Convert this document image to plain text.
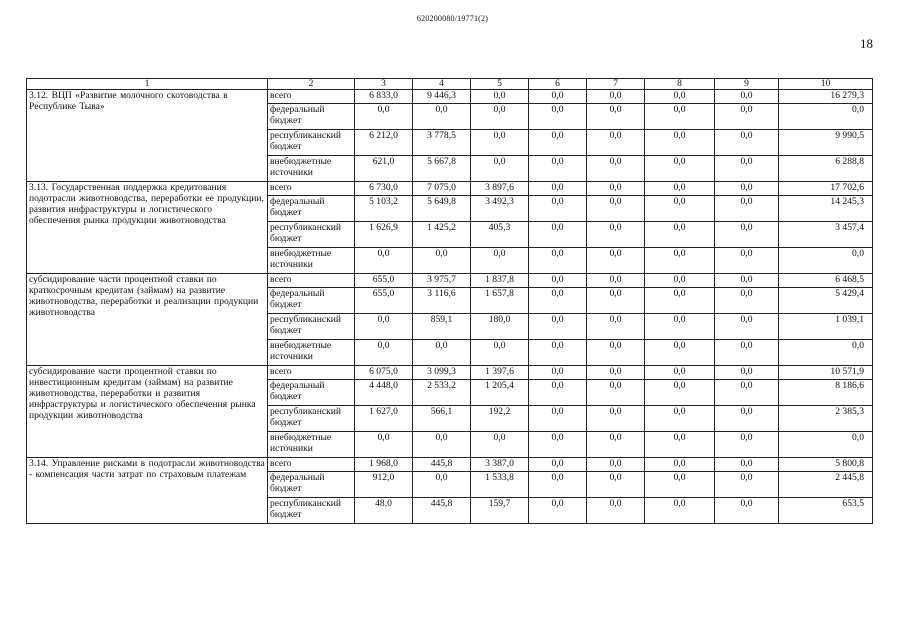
620200080/19771(2)
18
1	2	3	4	5	6	7	8	9	10
3.12. ВЦП «Развитие молочного скотоводства в Республике Тыва»	всего	6 833,0	9 446,3	0,0	0,0	0,0	0,0	0,0	16 279,3
	федеральный бюджет	0,0	0,0	0,0	0,0	0,0	0,0	0,0	0,0
	республиканский бюджет	6 212,0	3 778,5	0,0	0,0	0,0	0,0	0,0	9 990,5
	внебюджетные источники	621,0	5 667,8	0,0	0,0	0,0	0,0	0,0	6 288,8
3.13. Государственная поддержка кредитования подотрасли животноводства, переработки ее продукции, развития инфраструктуры и логистического обеспечения рынка продукции животноводства	всего	6 730,0	7 075,0	3 897,6	0,0	0,0	0,0	0,0	17 702,6
	федеральный бюджет	5 103,2	5 649,8	3 492,3	0,0	0,0	0,0	0,0	14 245,3
	республиканский бюджет	1 626,9	1 425,2	405,3	0,0	0,0	0,0	0,0	3 457,4
	внебюджетные источники	0,0	0,0	0,0	0,0	0,0	0,0	0,0	0,0
субсидирование части процентной ставки по краткосрочным кредитам (займам) на развитие животноводства, переработки и реализации продукции животноводства	всего	655,0	3 975,7	1 837,8	0,0	0,0	0,0	0,0	6 468,5
	федеральный бюджет	655,0	3 116,6	1 657,8	0,0	0,0	0,0	0,0	5 429,4
	республиканский бюджет	0,0	859,1	180,0	0,0	0,0	0,0	0,0	1 039,1
	внебюджетные источники	0,0	0,0	0,0	0,0	0,0	0,0	0,0	0,0
субсидирование части процентной ставки по инвестиционным кредитам (займам) на развитие животноводства, переработки и развития инфраструктуры и логистического обеспечения рынка продукции животноводства	всего	6 075,0	3 099,3	1 397,6	0,0	0,0	0,0	0,0	10 571,9
	федеральный бюджет	4 448,0	2 533,2	1 205,4	0,0	0,0	0,0	0,0	8 186,6
	республиканский бюджет	1 627,0	566,1	192,2	0,0	0,0	0,0	0,0	2 385,3
	внебюджетные источники	0,0	0,0	0,0	0,0	0,0	0,0	0,0	0,0
3.14. Управление рисками в подотрасли животноводства - компенсация части затрат по страховым платежам	всего	1 968,0	445,8	3 387,0	0,0	0,0	0,0	0,0	5 800,8
	федеральный бюджет	912,0	0,0	1 533,8	0,0	0,0	0,0	0,0	2 445,8
	республиканский бюджет	48,0	445,8	159,7	0,0	0,0	0,0	0,0	653,5
